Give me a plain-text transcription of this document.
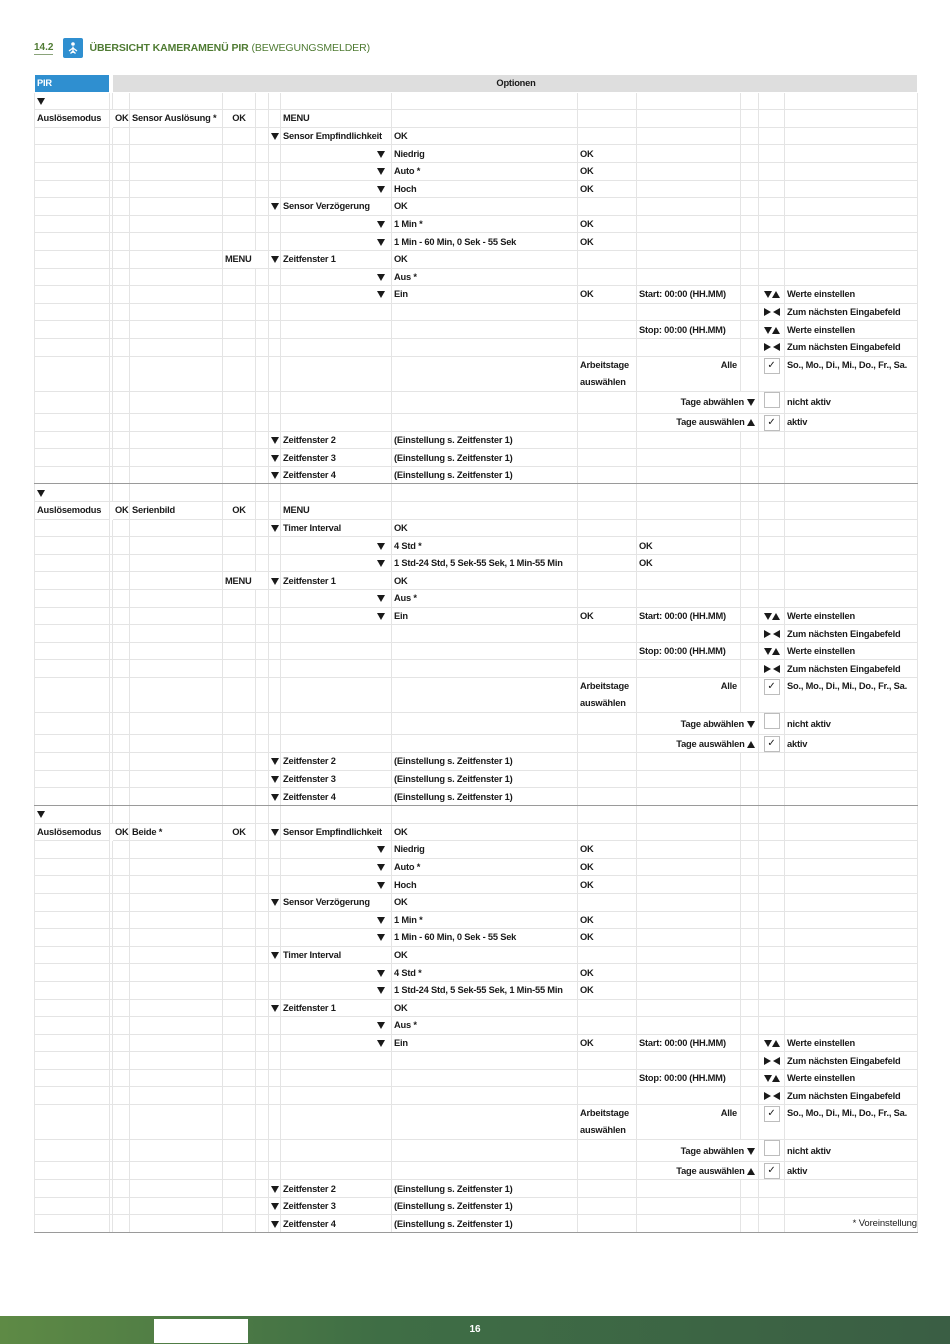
14.2	ÜBERSICHT KAMERAMENÜ PIR (BEWEGUNGSMELDER)
PIR		Optionen											

Auslösemodus		OK	Sensor Auslösung *	OK			MENU						
							Sensor Empfindlichkeit	OK					
								Niedrig	OK				
								Auto *	OK				
								Hoch	OK				
							Sensor Verzögerung	OK					
								1 Min *	OK				
								1 Min - 60 Min, 0 Sek - 55 Sek	OK				
				MENU			Zeitfenster 1	OK					
								Aus *					
								Ein	OK	Start: 00:00 (HH.MM)			Werte einstellen
													Zum nächsten Eingabefeld
										Stop: 00:00 (HH.MM)			Werte einstellen
													Zum nächsten Eingabefeld
									Arbeitstage auswählen	Alle		✓	So., Mo., Di., Mi., Do., Fr., Sa.
										Tage abwählen			nicht aktiv
										Tage auswählen		✓	aktiv
							Zeitfenster 2	(Einstellung s. Zeitfenster 1)					
							Zeitfenster 3	(Einstellung s. Zeitfenster 1)					
							Zeitfenster 4	(Einstellung s. Zeitfenster 1)					

Auslösemodus		OK	Serienbild	OK			MENU						
							Timer Interval	OK					
								4 Std *		OK			
								1 Std-24 Std, 5 Sek-55 Sek, 1 Min-55 Min		OK			
				MENU			Zeitfenster 1	OK					
								Aus *					
								Ein	OK	Start: 00:00 (HH.MM)			Werte einstellen
													Zum nächsten Eingabefeld
										Stop: 00:00 (HH.MM)			Werte einstellen
													Zum nächsten Eingabefeld
									Arbeitstage auswählen	Alle		✓	So., Mo., Di., Mi., Do., Fr., Sa.
										Tage abwählen			nicht aktiv
										Tage auswählen		✓	aktiv
							Zeitfenster 2	(Einstellung s. Zeitfenster 1)					
							Zeitfenster 3	(Einstellung s. Zeitfenster 1)					
							Zeitfenster 4	(Einstellung s. Zeitfenster 1)					

Auslösemodus		OK	Beide *	OK			Sensor Empfindlichkeit	OK					
								Niedrig	OK				
								Auto *	OK				
								Hoch	OK				
							Sensor Verzögerung	OK					
								1 Min *	OK				
								1 Min - 60 Min, 0 Sek - 55 Sek	OK				
							Timer Interval	OK					
								4 Std *	OK				
								1 Std-24 Std, 5 Sek-55 Sek, 1 Min-55 Min	OK				
							Zeitfenster 1	OK					
								Aus *					
								Ein	OK	Start: 00:00 (HH.MM)			Werte einstellen
													Zum nächsten Eingabefeld
										Stop: 00:00 (HH.MM)			Werte einstellen
													Zum nächsten Eingabefeld
									Arbeitstage auswählen	Alle		✓	So., Mo., Di., Mi., Do., Fr., Sa.
										Tage abwählen			nicht aktiv
										Tage auswählen		✓	aktiv
							Zeitfenster 2	(Einstellung s. Zeitfenster 1)					
							Zeitfenster 3	(Einstellung s. Zeitfenster 1)					
							Zeitfenster 4	(Einstellung s. Zeitfenster 1)						* Voreinstellung
16
